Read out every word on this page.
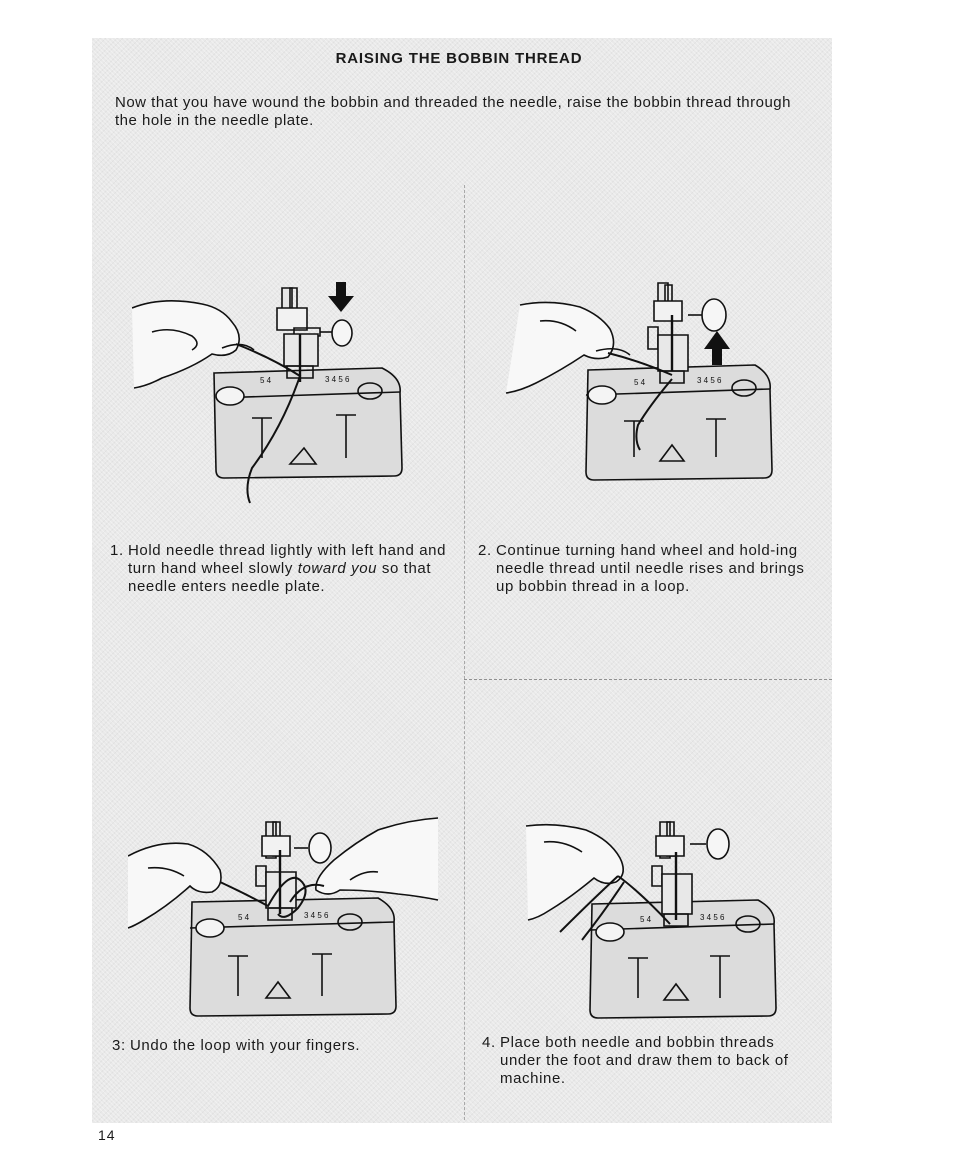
RAISING THE BOBBIN THREAD
Now that you have wound the bobbin and threaded the needle, raise the bobbin thread through the hole in the needle plate.
5 4	3 4 5 6	5 4	3 4 5 6
5 4	3 4 5 6	5 4	3 4 5 6
1. Hold needle thread lightly with left hand and turn hand wheel slowly toward you so that needle enters needle plate.
2. Continue turning hand wheel and hold-ing needle thread until needle rises and brings up bobbin thread in a loop.
3: Undo the loop with your fingers.	4. Place both needle and bobbin threads under the foot and draw them to back of machine.
14
